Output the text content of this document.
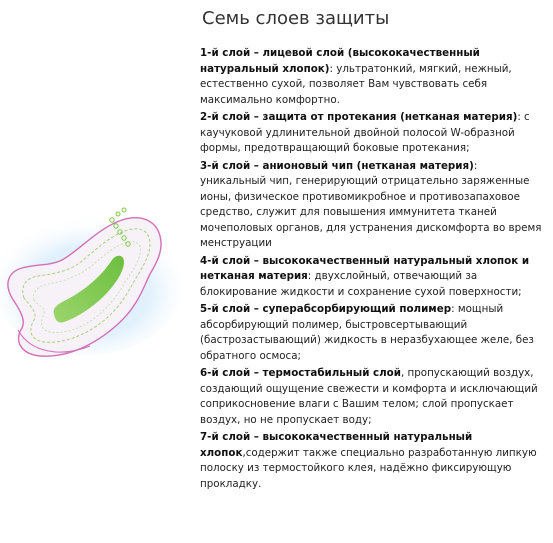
Семь слоев защиты

1-й слой – лицевой слой (высококачественный натуральный хлопок): ультратонкий, мягкий, нежный, естественно сухой, позволяет Вам чувствовать себя максимально комфортно.

2-й слой – защита от протекания (нетканая материя): с каучуковой удлинительной двойной полосой W-образной формы, предотвращающий боковые протекания;

3-й слой – анионовый чип (нетканая материя): уникальный чип, генерирующий отрицательно заряженные ионы, физическое противомикробное и противозапаховое средство, служит для повышения иммунитета тканей мочеполовых органов, для устранения дискомфорта во время менструации

4-й слой – высококачественный натуральный хлопок и нетканая материя: двухслойный, отвечающий за блокирование жидкости и сохранение сухой поверхности;

5-й слой – суперабсорбирующий полимер: мощный абсорбирующий полимер, быстровсертывающий (бастрозастывающий) жидкость в неразбухающее желе, без обратного осмоса;

6-й слой – термостабильный слой, пропускающий воздух, создающий ощущение свежести и комфорта и исключающий соприкосновение влаги с Вашим телом; слой пропускает воздух, но не пропускает воду;

7-й слой – высококачественный натуральный хлопок,содержит также специально разработанную липкую полоску из термостойкого клея, надёжно фиксирующую прокладку.
